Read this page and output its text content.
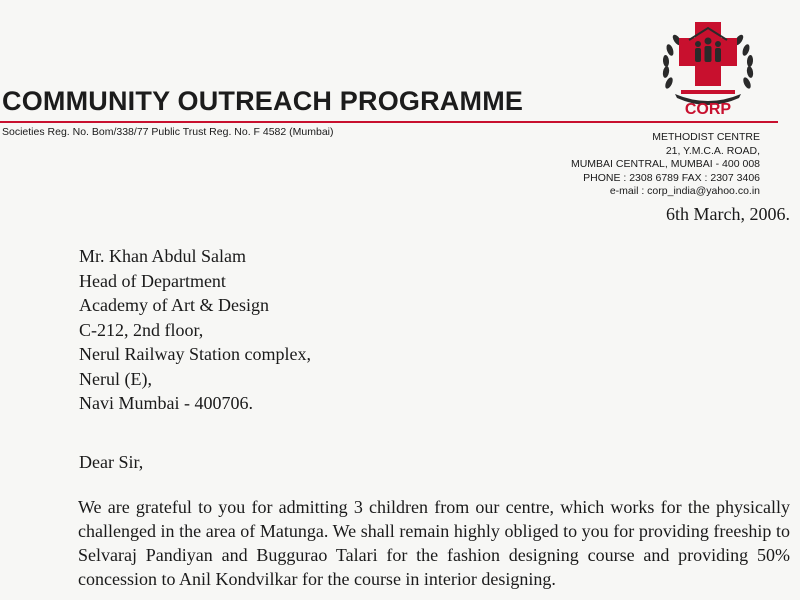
CORP
COMMUNITY OUTREACH PROGRAMME
Societies Reg. No. Bom/338/77 Public Trust Reg. No. F 4582 (Mumbai)	METHODIST CENTRE
21, Y.M.C.A. ROAD,
MUMBAI CENTRAL, MUMBAI - 400 008
PHONE : 2308 6789 FAX : 2307 3406
e-mail : corp_india@yahoo.co.in
6th March, 2006.
Mr. Khan Abdul Salam
Head of Department
Academy of Art & Design
C-212, 2nd floor,
Nerul Railway Station complex,
Nerul (E),
Navi Mumbai - 400706.
Dear Sir,
We are grateful to you for admitting 3 children from our centre, which works for the physically challenged in the area of Matunga. We shall remain highly obliged to you for providing freeship to Selvaraj Pandiyan and Buggurao Talari for the fashion designing course and providing 50% concession to Anil Kondvilkar for the course in interior designing.
